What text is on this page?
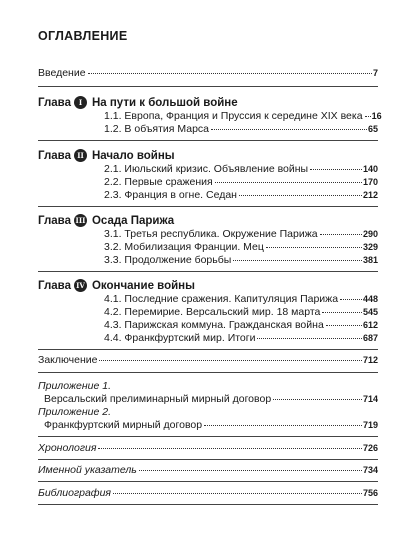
ОГЛАВЛЕНИЕ
Введение	7
Глава	I На пути к большой войне
1.1. Европа, Франция и Пруссия к середине XIX века 16
1.2. В объятия Марса	65
Глава II Начало войны
2.1. Июльский кризис. Объявление войны	140
2.2. Первые сражения	170
2.3. Франция в огне. Седан	212
Глава III Осада Парижа
3.1. Третья республика. Окружение Парижа	290
3.2. Мобилизация Франции. Мец	329
3.3. Продолжение борьбы	381
Глава IV Окончание войны
4.1. Последние сражения. Капитуляция Парижа	448
4.2. Перемирие. Версальский мир. 18 марта	545
4.3. Парижская коммуна. Гражданская война	612
4.4. Франкфуртский мир. Итоги	687
Заключение	712
Приложение 1.
Версальский прелиминарный мирный договор	714
Приложение 2.
Франкфуртский мирный договор	719
Хронология	726
Именной указатель	734
Библиография	756
